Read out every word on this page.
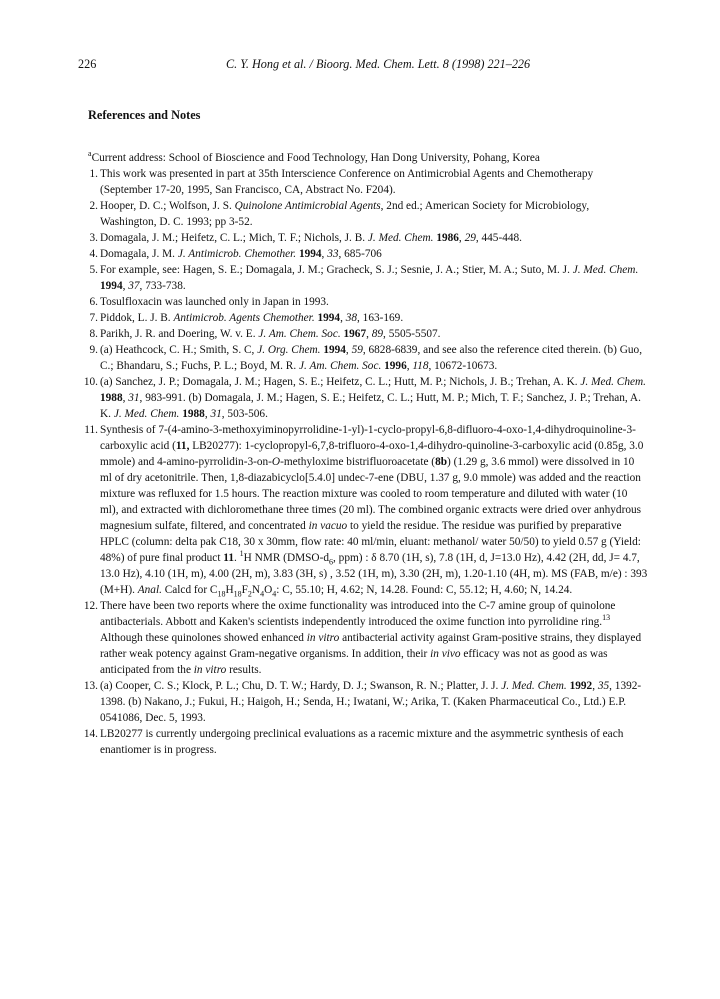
226	C. Y. Hong et al. / Bioorg. Med. Chem. Lett. 8 (1998) 221–226
References and Notes

$^a$Current address: School of Bioscience and Food Technology, Han Dong University, Pohang, Korea

1. This work was presented in part at 35th Interscience Conference on Antimicrobial Agents and Chemotherapy (September 17-20, 1995, San Francisco, CA, Abstract No. F204).

2. Hooper, D. C.; Wolfson, J. S. Quinolone Antimicrobial Agents, 2nd ed.; American Society for Microbiology, Washington, D. C. 1993; pp 3-52.

3. Domagala, J. M.; Heifetz, C. L.; Mich, T. F.; Nichols, J. B. J. Med. Chem. 1986, 29, 445-448.

4. Domagala, J. M. J. Antimicrob. Chemother. 1994, 33, 685-706

5. For example, see: Hagen, S. E.; Domagala, J. M.; Gracheck, S. J.; Sesnie, J. A.; Stier, M. A.; Suto, M. J. J. Med. Chem. 1994, 37, 733-738.

6. Tosulfloxacin was launched only in Japan in 1993.

7. Piddok, L. J. B. Antimicrob. Agents Chemother. 1994, 38, 163-169.

8. Parikh, J. R. and Doering, W. v. E. J. Am. Chem. Soc. 1967, 89, 5505-5507.

9. (a) Heathcock, C. H.; Smith, S. C, J. Org. Chem. 1994, 59, 6828-6839, and see also the reference cited therein. (b) Guo, C.; Bhandaru, S.; Fuchs, P. L.; Boyd, M. R. J. Am. Chem. Soc. 1996, 118, 10672-10673.

10. (a) Sanchez, J. P.; Domagala, J. M.; Hagen, S. E.; Heifetz, C. L.; Hutt, M. P.; Nichols, J. B.; Trehan, A. K. J. Med. Chem. 1988, 31, 983-991. (b) Domagala, J. M.; Hagen, S. E.; Heifetz, C. L.; Hutt, M. P.; Mich, T. F.; Sanchez, J. P.; Trehan, A. K. J. Med. Chem. 1988, 31, 503-506.

11. Synthesis of 7-(4-amino-3-methoxyiminopyrrolidine-1-yl)-1-cyclo-propyl-6,8-difluoro-4-oxo-1,4-dihydroquinoline-3-carboxylic acid (11, LB20277): 1-cyclopropyl-6,7,8-trifluoro-4-oxo-1,4-dihydro-quinoline-3-carboxylic acid (0.85g, 3.0 mmole) and 4-amino-pyrrolidin-3-on-O-methyloxime bistrifluoroacetate (8b) (1.29 g, 3.6 mmol) were dissolved in 10 ml of dry acetonitrile. Then, 1,8-diazabicyclo[5.4.0] undec-7-ene (DBU, 1.37 g, 9.0 mmole) was added and the reaction mixture was refluxed for 1.5 hours. The reaction mixture was cooled to room temperature and diluted with water (10 ml), and extracted with dichloromethane three times (20 ml). The combined organic extracts were dried over anhydrous magnesium sulfate, filtered, and concentrated in vacuo to yield the residue. The residue was purified by preparative HPLC (column: delta pak C18, 30 x 30mm, flow rate: 40 ml/min, eluant: methanol/ water 50/50) to yield 0.57 g (Yield: 48%) of pure final product 11. $^1$H NMR ($DMSO-d_6$, ppm) : δ 8.70 (1H, s), 7.8 (1H, d, J=13.0 Hz), 4.42 (2H, dd, J= 4.7, 13.0 Hz), 4.10 (1H, m), 4.00 (2H, m), 3.83 (3H, s) , 3.52 (1H, m), 3.30 (2H, m), 1.20-1.10 (4H, m). MS (FAB, m/e) : 393 (M+H). Anal. Calcd for $C_{18}H_{18}F_2N_4O_4$: C, 55.10; H, 4.62; N, 14.28. Found: C, 55.12; H, 4.60; N, 14.24.

12. There have been two reports where the oxime functionality was introduced into the C-7 amine group of quinolone antibacterials. Abbott and Kaken's scientists independently introduced the oxime function into pyrrolidine ring.$^{13}$ Although these quinolones showed enhanced in vitro antibacterial activity against Gram-positive strains, they displayed rather weak potency against Gram-negative organisms. In addition, their in vivo efficacy was not as good as was anticipated from the in vitro results.

13. (a) Cooper, C. S.; Klock, P. L.; Chu, D. T. W.; Hardy, D. J.; Swanson, R. N.; Platter, J. J. J. Med. Chem. 1992, 35, 1392-1398. (b) Nakano, J.; Fukui, H.; Haigoh, H.; Senda, H.; Iwatani, W.; Arika, T. (Kaken Pharmaceutical Co., Ltd.) E.P. 0541086, Dec. 5, 1993.

14. LB20277 is currently undergoing preclinical evaluations as a racemic mixture and the asymmetric synthesis of each enantiomer is in progress.
